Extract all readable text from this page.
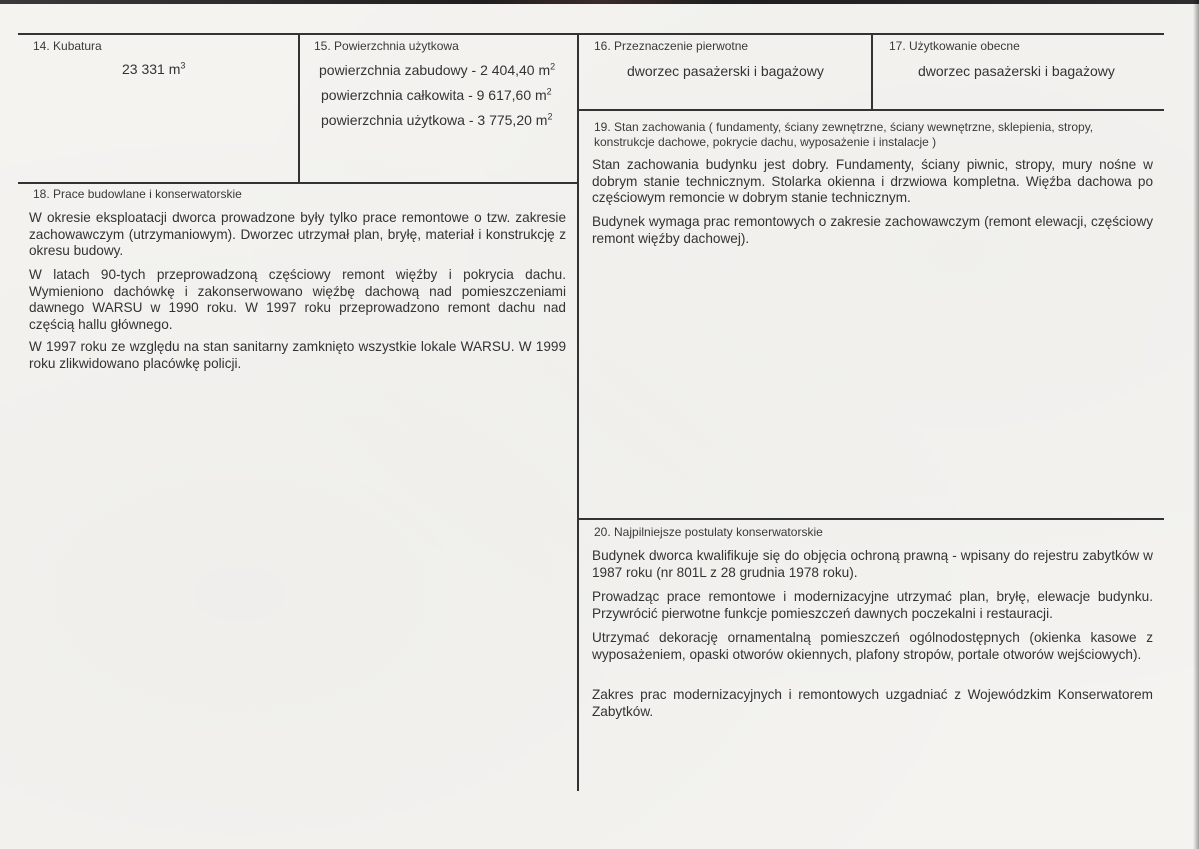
14. Kubatura
23 331 $m^3$
15. Powierzchnia użytkowa
powierzchnia zabudowy - 2 404,40 $m^2$
powierzchnia całkowita - 9 617,60 $m^2$
powierzchnia użytkowa - 3 775,20 $m^2$
16. Przeznaczenie pierwotne
dworzec pasażerski i bagażowy
17. Użytkowanie obecne
dworzec pasażerski i bagażowy
18. Prace budowlane i konserwatorskie

W okresie eksploatacji dworca prowadzone były tylko prace remontowe o tzw. zakresie zachowawczym (utrzymaniowym). Dworzec utrzymał plan, bryłę, materiał i konstrukcję z okresu budowy.

W latach 90-tych przeprowadzoną częściowy remont więźby i pokrycia dachu. Wymieniono dachówkę i zakonserwowano więźbę dachową nad pomieszczeniami dawnego WARSU w 1990 roku. W 1997 roku przeprowadzono remont dachu nad częścią hallu głównego.

W 1997 roku ze względu na stan sanitarny zamknięto wszystkie lokale WARSU. W 1999 roku zlikwidowano placówkę policji.

19. Stan zachowania ( fundamenty, ściany zewnętrzne, ściany wewnętrzne, sklepienia, stropy, konstrukcje dachowe, pokrycie dachu, wyposażenie i instalacje )

Stan zachowania budynku jest dobry. Fundamenty, ściany piwnic, stropy, mury nośne w dobrym stanie technicznym. Stolarka okienna i drzwiowa kompletna. Więźba dachowa po częściowym remoncie w dobrym stanie technicznym.

Budynek wymaga prac remontowych o zakresie zachowawczym (remont elewacji, częściowy remont więźby dachowej).

20. Najpilniejsze postulaty konserwatorskie

Budynek dworca kwalifikuje się do objęcia ochroną prawną - wpisany do rejestru zabytków w 1987 roku (nr 801L z 28 grudnia 1978 roku).

Prowadząc prace remontowe i modernizacyjne utrzymać plan, bryłę, elewacje budynku. Przywrócić pierwotne funkcje pomieszczeń dawnych poczekalni i restauracji.

Utrzymać dekorację ornamentalną pomieszczeń ogólnodostępnych (okienka kasowe z wyposażeniem, opaski otworów okiennych, plafony stropów, portale otworów wejściowych).

Zakres prac modernizacyjnych i remontowych uzgadniać z Wojewódzkim Konserwatorem Zabytków.
